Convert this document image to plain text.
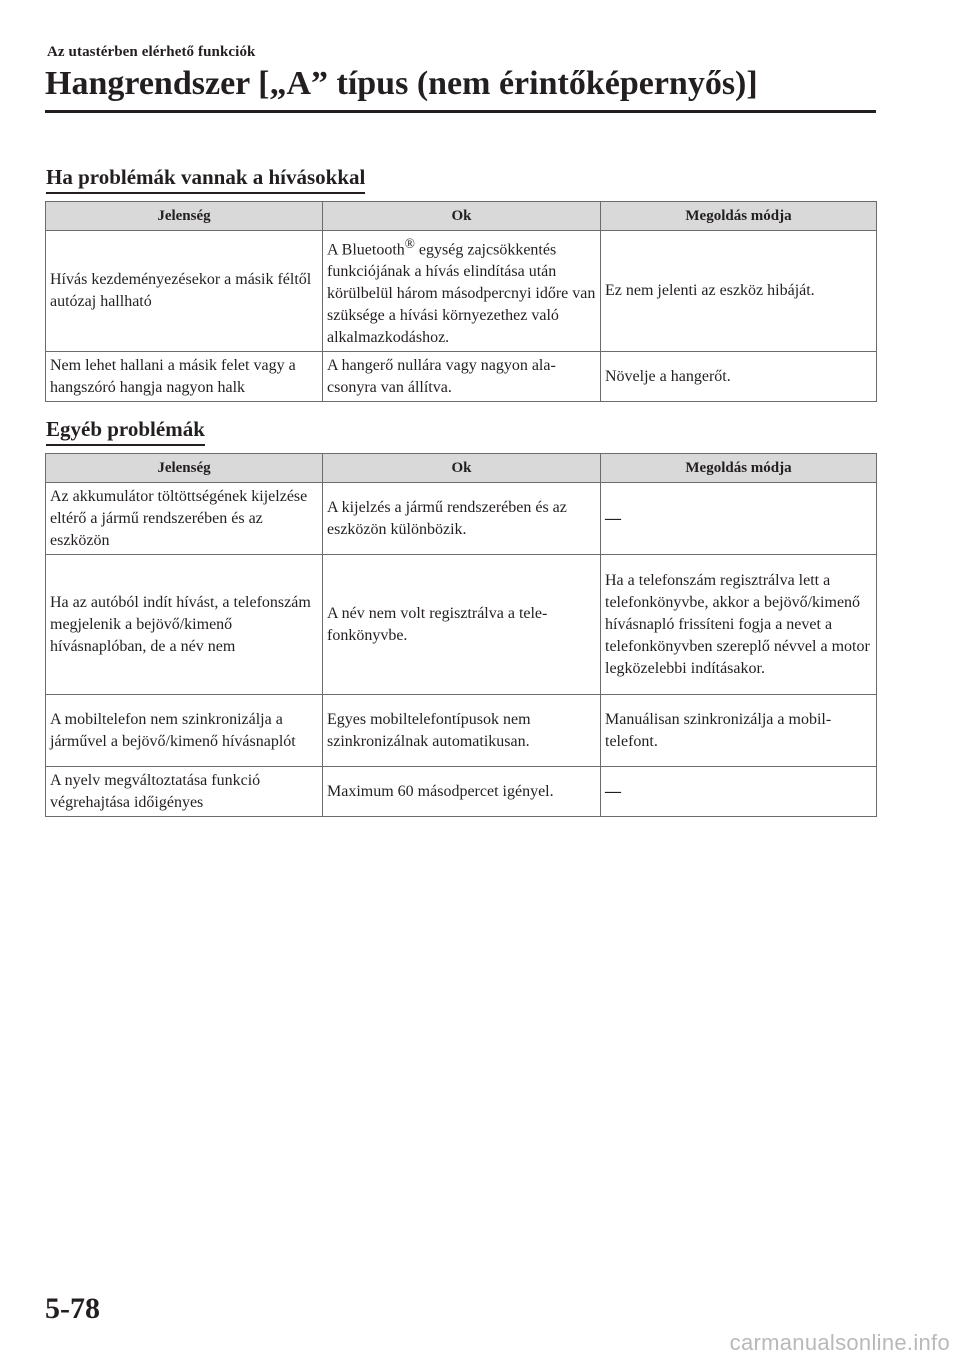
Az utastérben elérhető funkciók
Hangrendszer [„A” típus (nem érintőképernyős)]
Ha problémák vannak a hívásokkal
Jelenség	Ok	Megoldás módja
Hívás kezdeményezésekor a másik féltől autózaj hallható	A Bluetooth® egység zajcsökkentés funkciójának a hívás elindítása után körülbelül három másodpercnyi időre van szüksége a hívási környezethez való alkalmazkodáshoz.	Ez nem jelenti az eszköz hibáját.
Nem lehet hallani a másik felet vagy a hangszóró hangja nagyon halk	A hangerő nullára vagy nagyon alacsonyra van állítva.	Növelje a hangerőt.
Egyéb problémák
Jelenség	Ok	Megoldás módja
Az akkumulátor töltöttségének kijelzése eltérő a jármű rendszerében és az eszközön	A kijelzés a jármű rendszerében és az eszközön különbözik.	—
Ha az autóból indít hívást, a telefonszám megjelenik a bejövő/kimenő hívásnaplóban, de a név nem	A név nem volt regisztrálva a telefonkönyvbe.	Ha a telefonszám regisztrálva lett a telefonkönyvbe, akkor a bejövő/kimenő hívásnapló frissíteni fogja a nevet a telefonkönyvben szereplő névvel a motor legközelebbi indításakor.
A mobiltelefon nem szinkronizálja a járművel a bejövő/kimenő hívásnaplót	Egyes mobiltelefontípusok nem szinkronizálnak automatikusan.	Manuálisan szinkronizálja a mobiltelefont.
A nyelv megváltoztatása funkció végrehajtása időigényes	Maximum 60 másodpercet igényel.	—
5-78
carmanualsonline.info
